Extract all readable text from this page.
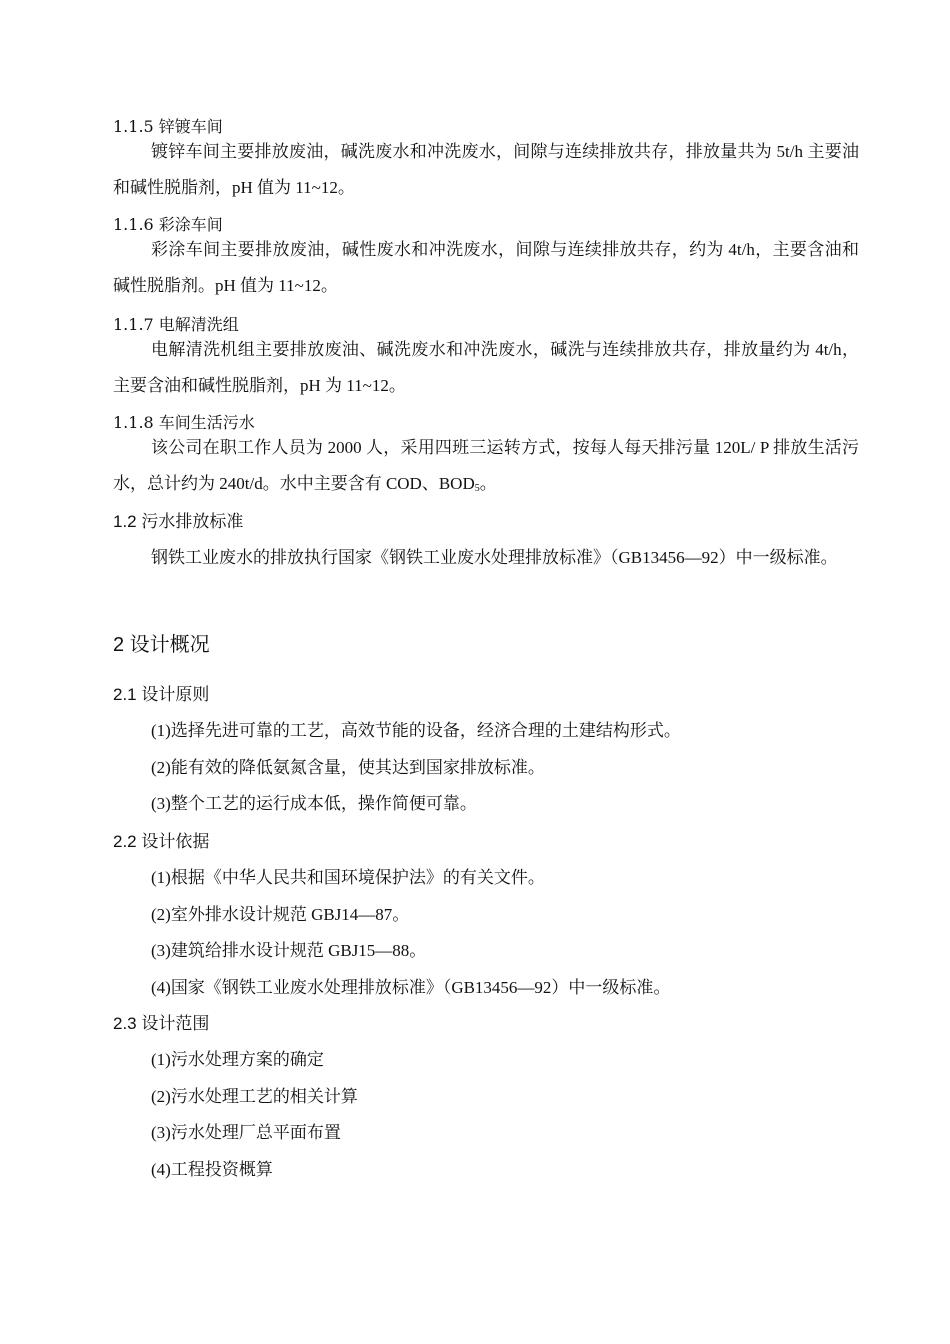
1.1.5 锌镀车间
镀锌车间主要排放废油，碱洗废水和冲洗废水，间隙与连续排放共存，排放量共为 5t/h 主要油和碱性脱脂剂，pH 值为 11~12。
1.1.6 彩涂车间
彩涂车间主要排放废油，碱性废水和冲洗废水，间隙与连续排放共存，约为 4t/h，主要含油和碱性脱脂剂。pH 值为 11~12。
1.1.7 电解清洗组
电解清洗机组主要排放废油、碱洗废水和冲洗废水，碱洗与连续排放共存，排放量约为 4t/h，主要含油和碱性脱脂剂，pH 为 11~12。
1.1.8 车间生活污水
该公司在职工作人员为 2000 人，采用四班三运转方式，按每人每天排污量 120L/ P 排放生活污水，总计约为 240t/d。水中主要含有 COD、$BOD_5$。
1.2 污水排放标准
钢铁工业废水的排放执行国家《钢铁工业废水处理排放标准》（GB13456—92）中一级标准。
2 设计概况
2.1 设计原则
(1)选择先进可靠的工艺，高效节能的设备，经济合理的土建结构形式。
(2)能有效的降低氨氮含量，使其达到国家排放标准。
(3)整个工艺的运行成本低，操作简便可靠。
2.2 设计依据
(1)根据《中华人民共和国环境保护法》的有关文件。
(2)室外排水设计规范 GBJ14—87。
(3)建筑给排水设计规范 GBJ15—88。
(4)国家《钢铁工业废水处理排放标准》（GB13456—92）中一级标准。
2.3 设计范围
(1)污水处理方案的确定
(2)污水处理工艺的相关计算
(3)污水处理厂总平面布置
(4)工程投资概算
